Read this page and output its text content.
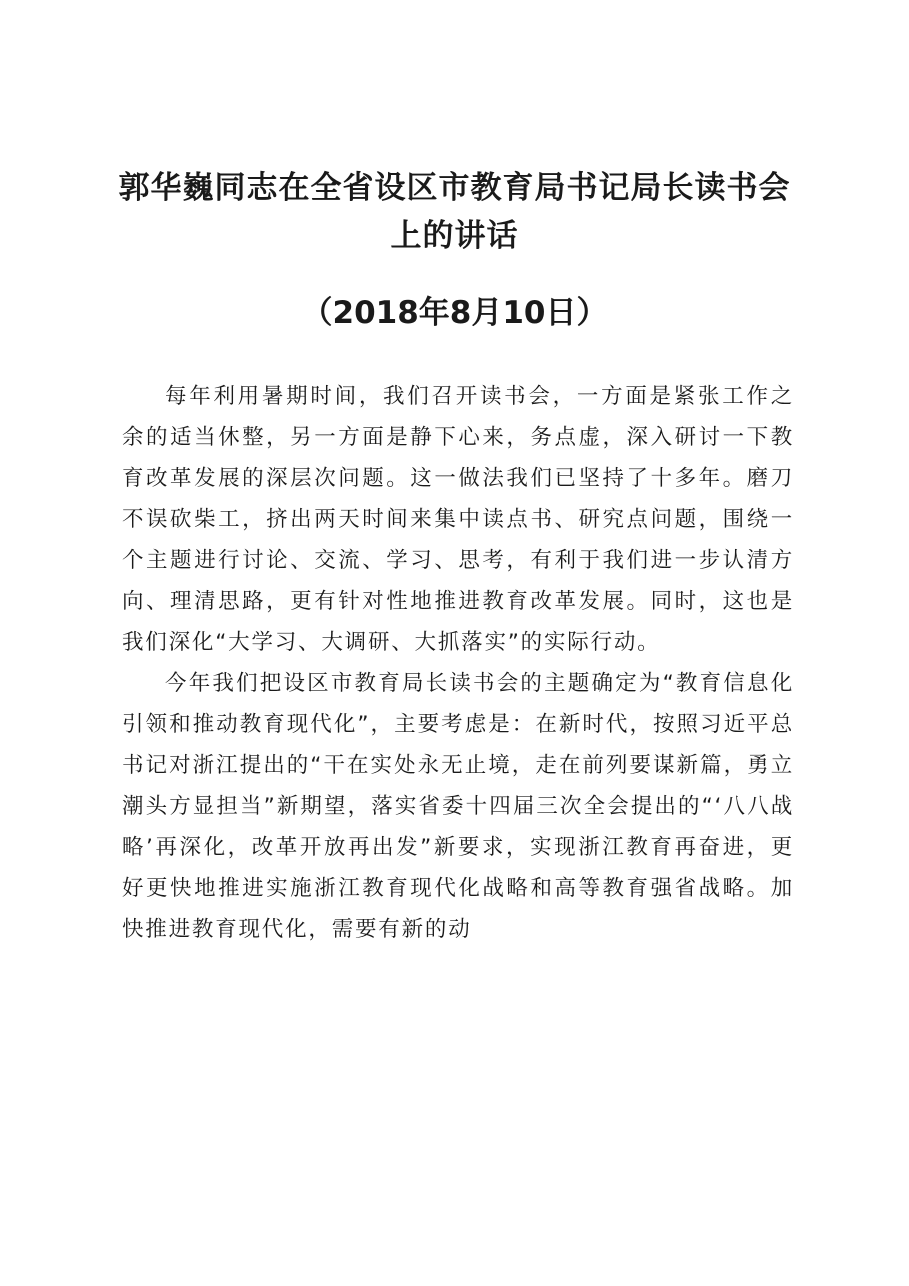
郭华巍同志在全省设区市教育局书记局长读书会上的讲话
（2018年8月10日）

每年利用暑期时间，我们召开读书会，一方面是紧张工作之余的适当休整，另一方面是静下心来，务点虚，深入研讨一下教育改革发展的深层次问题。这一做法我们已坚持了十多年。磨刀不误砍柴工，挤出两天时间来集中读点书、研究点问题，围绕一个主题进行讨论、交流、学习、思考，有利于我们进一步认清方向、理清思路，更有针对性地推进教育改革发展。同时，这也是我们深化“大学习、大调研、大抓落实”的实际行动。

今年我们把设区市教育局长读书会的主题确定为“教育信息化引领和推动教育现代化”，主要考虑是：在新时代，按照习近平总书记对浙江提出的“干在实处永无止境，走在前列要谋新篇，勇立潮头方显担当”新期望，落实省委十四届三次全会提出的“‘八八战略’再深化，改革开放再出发”新要求，实现浙江教育再奋进，更好更快地推进实施浙江教育现代化战略和高等教育强省战略。加快推进教育现代化，需要有新的动
